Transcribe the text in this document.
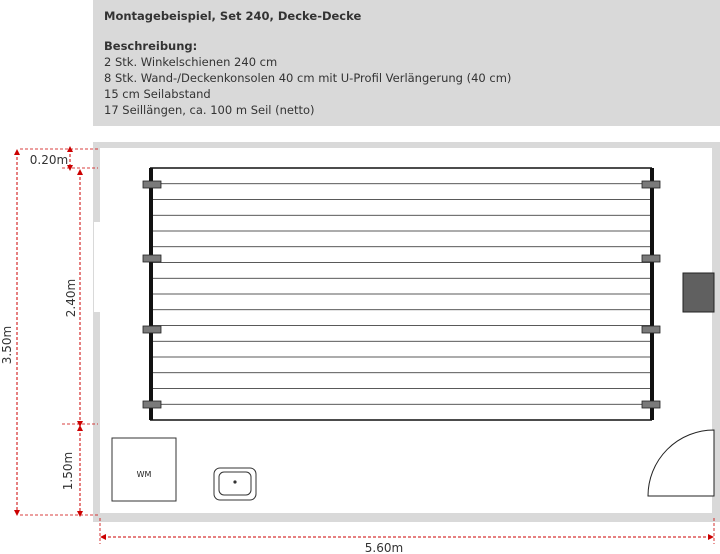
Montagebeispiel, Set 240, Decke-Decke
Beschreibung:
2 Stk. Winkelschienen 240 cm
8 Stk. Wand-/Deckenkonsolen 40 cm mit U-Profil Verlängerung (40 cm)
15 cm Seilabstand
17 Seillängen, ca. 100 m Seil (netto)
WM
0.20m
2.40m
1.50m
3.50m
5.60m
